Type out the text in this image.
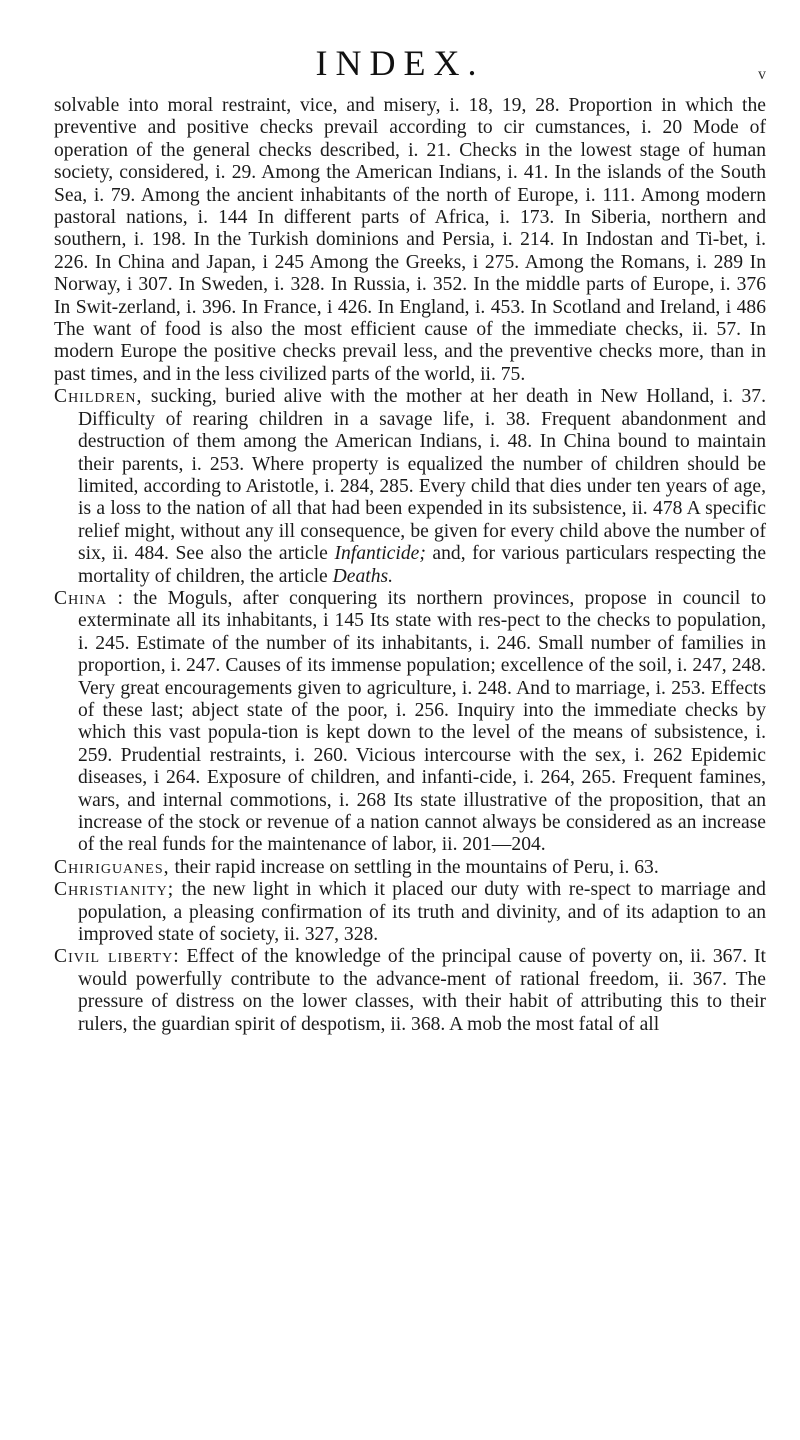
INDEX.	v

solvable into moral restraint, vice, and misery, i. 18, 19, 28. Proportion in which the preventive and positive checks prevail according to cir cumstances, i. 20 Mode of operation of the general checks described, i. 21. Checks in the lowest stage of human society, considered, i. 29. Among the American Indians, i. 41. In the islands of the South Sea, i. 79. Among the ancient inhabitants of the north of Europe, i. 111. Among modern pastoral nations, i. 144 In different parts of Africa, i. 173. In Siberia, northern and southern, i. 198. In the Turkish dominions and Persia, i. 214. In Indostan and Ti-bet, i. 226. In China and Japan, i 245 Among the Greeks, i 275. Among the Romans, i. 289 In Norway, i 307. In Sweden, i. 328. In Russia, i. 352. In the middle parts of Europe, i. 376 In Swit-zerland, i. 396. In France, i 426. In England, i. 453. In Scotland and Ireland, i 486 The want of food is also the most efficient cause of the immediate checks, ii. 57. In modern Europe the positive checks prevail less, and the preventive checks more, than in past times, and in the less civilized parts of the world, ii. 75.

Children, sucking, buried alive with the mother at her death in New Holland, i. 37. Difficulty of rearing children in a savage life, i. 38. Frequent abandonment and destruction of them among the American Indians, i. 48. In China bound to maintain their parents, i. 253. Where property is equalized the number of children should be limited, according to Aristotle, i. 284, 285. Every child that dies under ten years of age, is a loss to the nation of all that had been expended in its subsistence, ii. 478 A specific relief might, without any ill consequence, be given for every child above the number of six, ii. 484. See also the article Infanticide; and, for various particulars respecting the mortality of children, the article Deaths.

China : the Moguls, after conquering its northern provinces, propose in council to exterminate all its inhabitants, i 145 Its state with res-pect to the checks to population, i. 245. Estimate of the number of its inhabitants, i. 246. Small number of families in proportion, i. 247. Causes of its immense population; excellence of the soil, i. 247, 248. Very great encouragements given to agriculture, i. 248. And to marriage, i. 253. Effects of these last; abject state of the poor, i. 256. Inquiry into the immediate checks by which this vast popula-tion is kept down to the level of the means of subsistence, i. 259. Prudential restraints, i. 260. Vicious intercourse with the sex, i. 262 Epidemic diseases, i 264. Exposure of children, and infanti-cide, i. 264, 265. Frequent famines, wars, and internal commotions, i. 268 Its state illustrative of the proposition, that an increase of the stock or revenue of a nation cannot always be considered as an increase of the real funds for the maintenance of labor, ii. 201—204.

Chiriguanes, their rapid increase on settling in the mountains of Peru, i. 63.

Christianity; the new light in which it placed our duty with re-spect to marriage and population, a pleasing confirmation of its truth and divinity, and of its adaption to an improved state of society, ii. 327, 328.

Civil liberty: Effect of the knowledge of the principal cause of poverty on, ii. 367. It would powerfully contribute to the advance-ment of rational freedom, ii. 367. The pressure of distress on the lower classes, with their habit of attributing this to their rulers, the guardian spirit of despotism, ii. 368. A mob the most fatal of all
